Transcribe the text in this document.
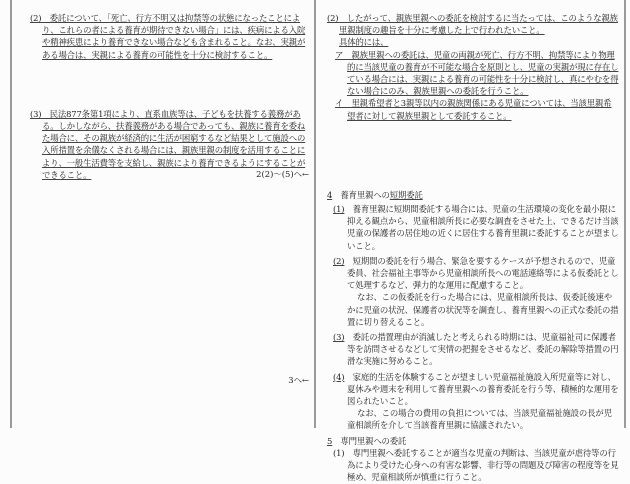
(2)　委託について、「死亡、行方不明又は拘禁等の状態になったことにより、これらの者による養育が期待できない場合」には、疾病による入院や精神疾患により養育できない場合なども含まれること。なお、実親がある場合は、実親による養育の可能性を十分に検討すること。

(3)　民法877条第1項により、直系血族等は、子どもを扶養する義務がある。しかしながら、扶養義務がある場合であっても、親族に養育を委ねた場合に、その親族が経済的に生活が困窮するなど結果として施設への入所措置を余儀なくされる場合には、親族里親の制度を活用することにより、一般生活費等を支給し、親族により養育できるようにすることができること。	2(2)～(5)へ←
3へ←

(2)　したがって、親族里親への委託を検討するに当たっては、このような親族里親制度の趣旨を十分に考慮した上で行われたいこと。

具体的には、

ア　親族里親への委託は、児童の両親が死亡、行方不明、拘禁等により物理的に当該児童の養育が不可能な場合を原則とし、児童の実親が現に存在している場合には、実親による養育の可能性を十分に検討し、真にやむを得ない場合にのみ、親族里親への委託を行うこと。

イ　里親希望者と3親等以内の親族関係にある児童については、当該里親希望者に対して親族里親として委託すること。

4　 養育里親への短期委託

(1)　 養育里親に短期間委託する場合には、児童の生活環境の変化を最小限に抑える観点から、児童相談所長に必要な調査をさせた上、できるだけ当該児童の保護者の居住地の近くに居住する養育里親に委託することが望ましいこと。

(2)　 短期間の委託を行う場合、緊急を要するケースが予想されるので、児童委員、社会福祉主事等から児童相談所長への電話連絡等による仮委託として処理するなど、弾力的な運用に配慮すること。

なお、この仮委託を行った場合には、児童相談所長は、仮委託後速やかに児童の状況、保護者の状況等を調査し、養育里親への正式な委託の措置に切り替えること。

(3)　 委託の措置理由が消滅したと考えられる時期には、児童福祉司に保護者等を訪問させるなどして実情の把握をさせるなど、委託の解除等措置の円滑な実施に努めること。

(4)　 家庭的生活を体験することが望ましい児童福祉施設入所児童等に対し、夏休みや週末を利用して養育里親への養育委託を行う等、積極的な運用を図られたいこと。

なお、この場合の費用の負担については、当該児童福祉施設の長が児童相談所を介して当該養育里親に協議されたい。

5　 専門里親への委託

(1)　専門里親へ委託することが適当な児童の判断は、当該児童が虐待等の行為により受けた心身への有害な影響、非行等の問題及び障害の程度等を見極め、児童相談所が慎重に行うこと。
